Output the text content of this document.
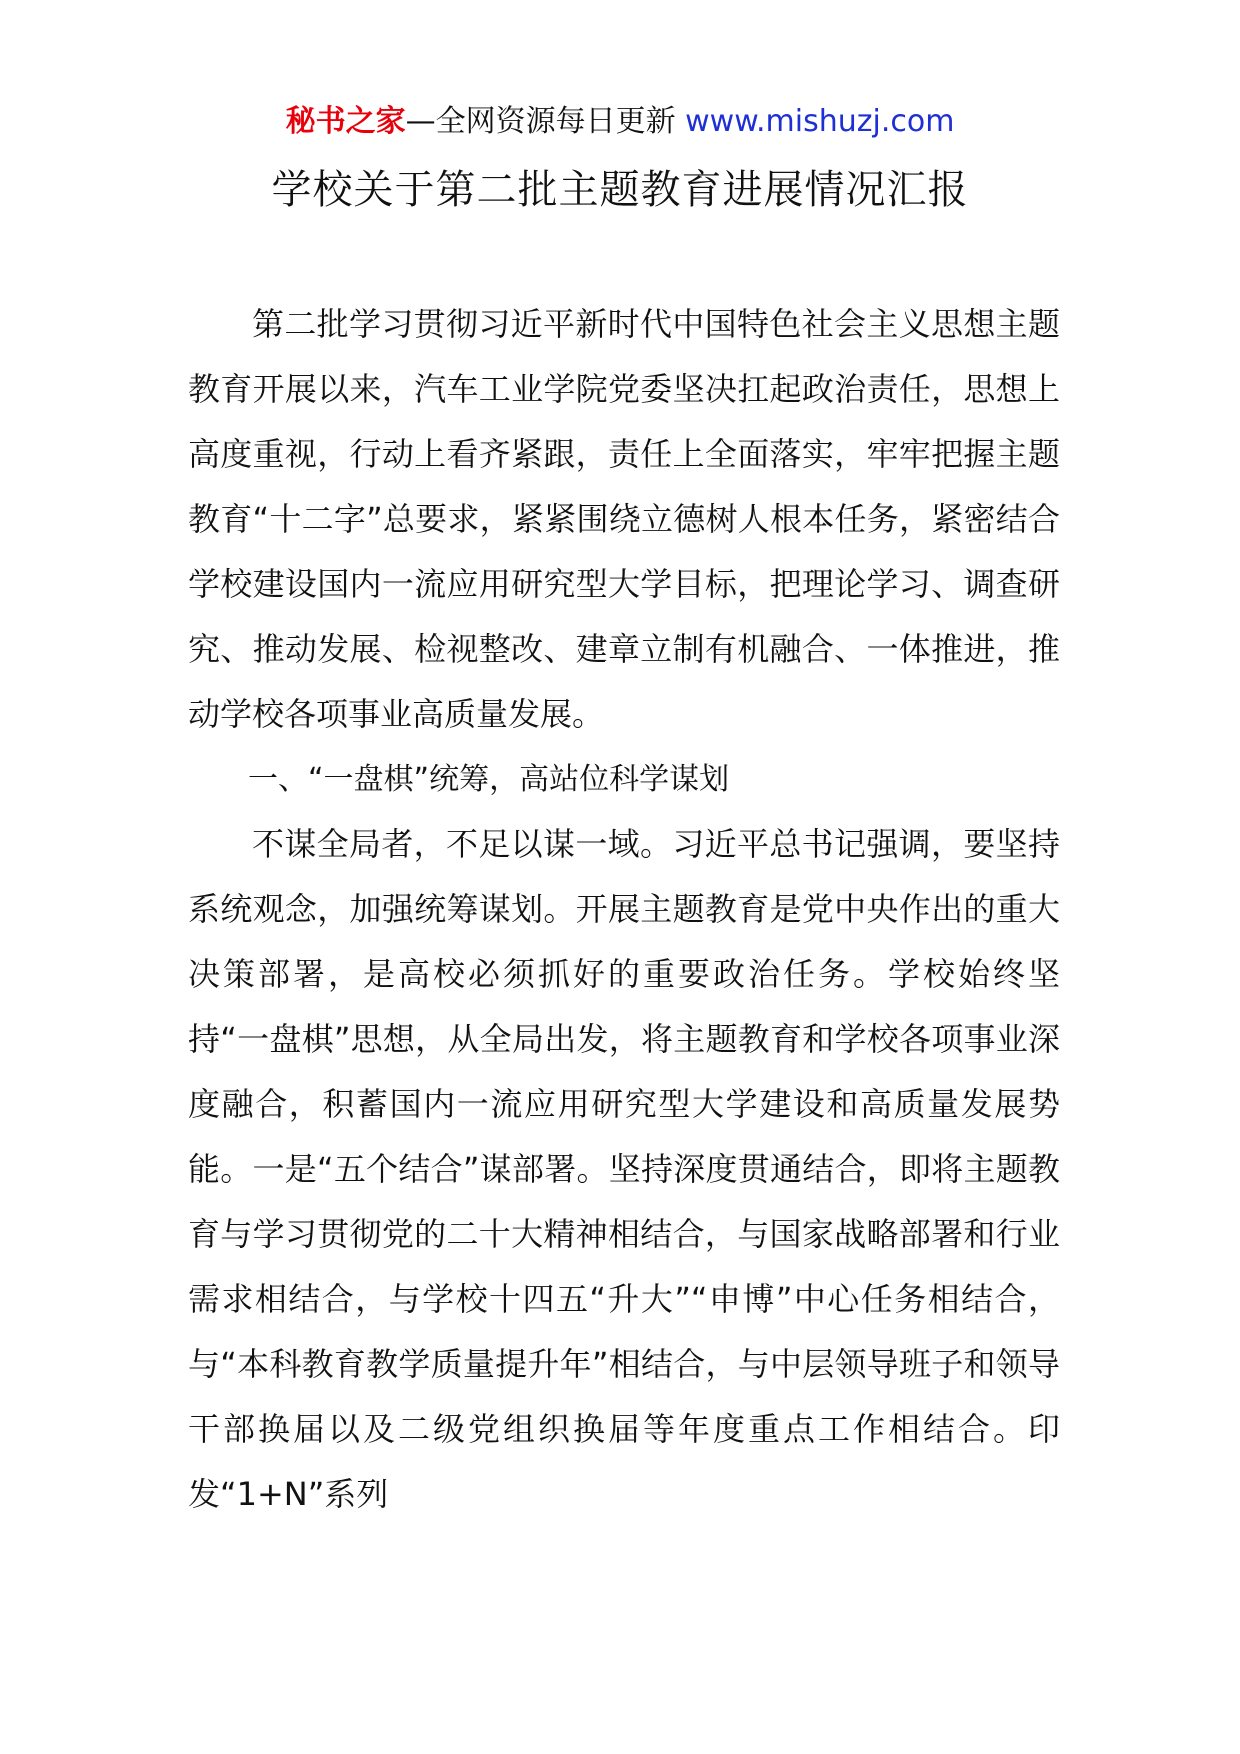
秘书之家—全网资源每日更新 www.mishuzj.com
学校关于第二批主题教育进展情况汇报

第二批学习贯彻习近平新时代中国特色社会主义思想主题教育开展以来，汽车工业学院党委坚决扛起政治责任，思想上高度重视，行动上看齐紧跟，责任上全面落实，牢牢把握主题教育“十二字”总要求，紧紧围绕立德树人根本任务，紧密结合学校建设国内一流应用研究型大学目标，把理论学习、调查研究、推动发展、检视整改、建章立制有机融合、一体推进，推动学校各项事业高质量发展。

一、“一盘棋”统筹，高站位科学谋划

不谋全局者，不足以谋一域。习近平总书记强调，要坚持系统观念，加强统筹谋划。开展主题教育是党中央作出的重大决策部署，是高校必须抓好的重要政治任务。学校始终坚持“一盘棋”思想，从全局出发，将主题教育和学校各项事业深度融合，积蓄国内一流应用研究型大学建设和高质量发展势能。一是“五个结合”谋部署。坚持深度贯通结合，即将主题教育与学习贯彻党的二十大精神相结合，与国家战略部署和行业需求相结合，与学校十四五“升大”“申博”中心任务相结合，与“本科教育教学质量提升年”相结合，与中层领导班子和领导干部换届以及二级党组织换届等年度重点工作相结合。印发“1+N”系列
